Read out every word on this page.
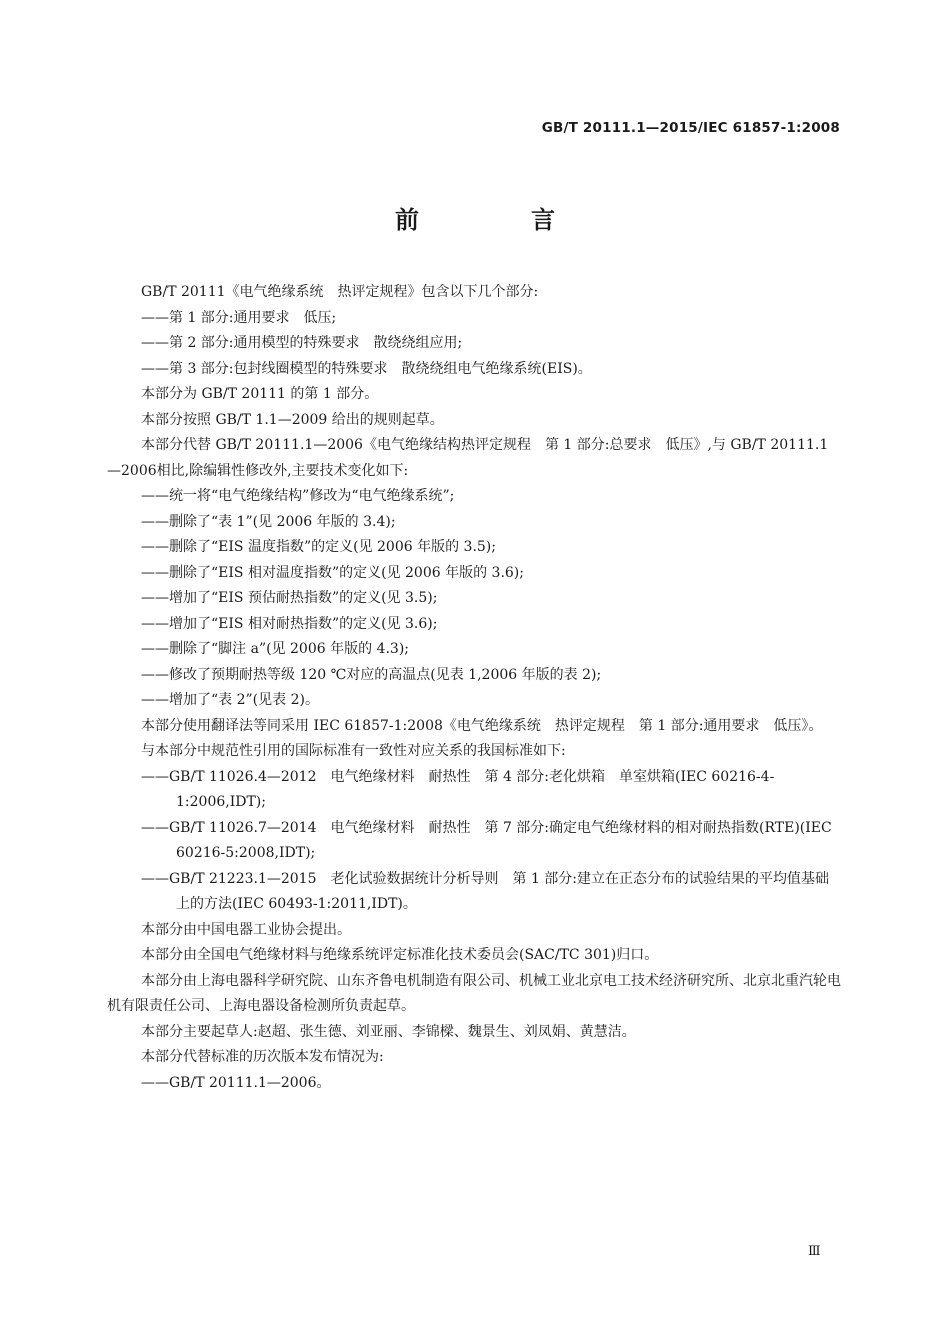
GB/T 20111.1—2015/IEC 61857-1:2008
前　言

GB/T 20111《电气绝缘系统　热评定规程》包含以下几个部分:

——第 1 部分:通用要求　低压;

——第 2 部分:通用模型的特殊要求　散绕绕组应用;

——第 3 部分:包封线圈模型的特殊要求　散绕绕组电气绝缘系统(EIS)。

本部分为 GB/T 20111 的第 1 部分。

本部分按照 GB/T 1.1—2009 给出的规则起草。

本部分代替 GB/T 20111.1—2006《电气绝缘结构热评定规程　第 1 部分:总要求　低压》,与 GB/T 20111.1—2006相比,除编辑性修改外,主要技术变化如下:

——统一将“电气绝缘结构”修改为“电气绝缘系统”;

——删除了“表 1”(见 2006 年版的 3.4);

——删除了“EIS 温度指数”的定义(见 2006 年版的 3.5);

——删除了“EIS 相对温度指数”的定义(见 2006 年版的 3.6);

——增加了“EIS 预估耐热指数”的定义(见 3.5);

——增加了“EIS 相对耐热指数”的定义(见 3.6);

——删除了“脚注 a”(见 2006 年版的 4.3);

——修改了预期耐热等级 120 ℃对应的高温点(见表 1,2006 年版的表 2);

——增加了“表 2”(见表 2)。

本部分使用翻译法等同采用 IEC 61857-1:2008《电气绝缘系统　热评定规程　第 1 部分:通用要求　低压》。

与本部分中规范性引用的国际标准有一致性对应关系的我国标准如下:

——GB/T 11026.4—2012　电气绝缘材料　耐热性　第 4 部分:老化烘箱　单室烘箱(IEC 60216-4-1:2006,IDT);

——GB/T 11026.7—2014　电气绝缘材料　耐热性　第 7 部分:确定电气绝缘材料的相对耐热指数(RTE)(IEC 60216-5:2008,IDT);

——GB/T 21223.1—2015　老化试验数据统计分析导则　第 1 部分:建立在正态分布的试验结果的平均值基础上的方法(IEC 60493-1:2011,IDT)。

本部分由中国电器工业协会提出。

本部分由全国电气绝缘材料与绝缘系统评定标准化技术委员会(SAC/TC 301)归口。

本部分由上海电器科学研究院、山东齐鲁电机制造有限公司、机械工业北京电工技术经济研究所、北京北重汽轮电机有限责任公司、上海电器设备检测所负责起草。

本部分主要起草人:赵超、张生德、刘亚丽、李锦樑、魏景生、刘凤娟、黄慧洁。

本部分代替标准的历次版本发布情况为:

——GB/T 20111.1—2006。

Ⅲ
